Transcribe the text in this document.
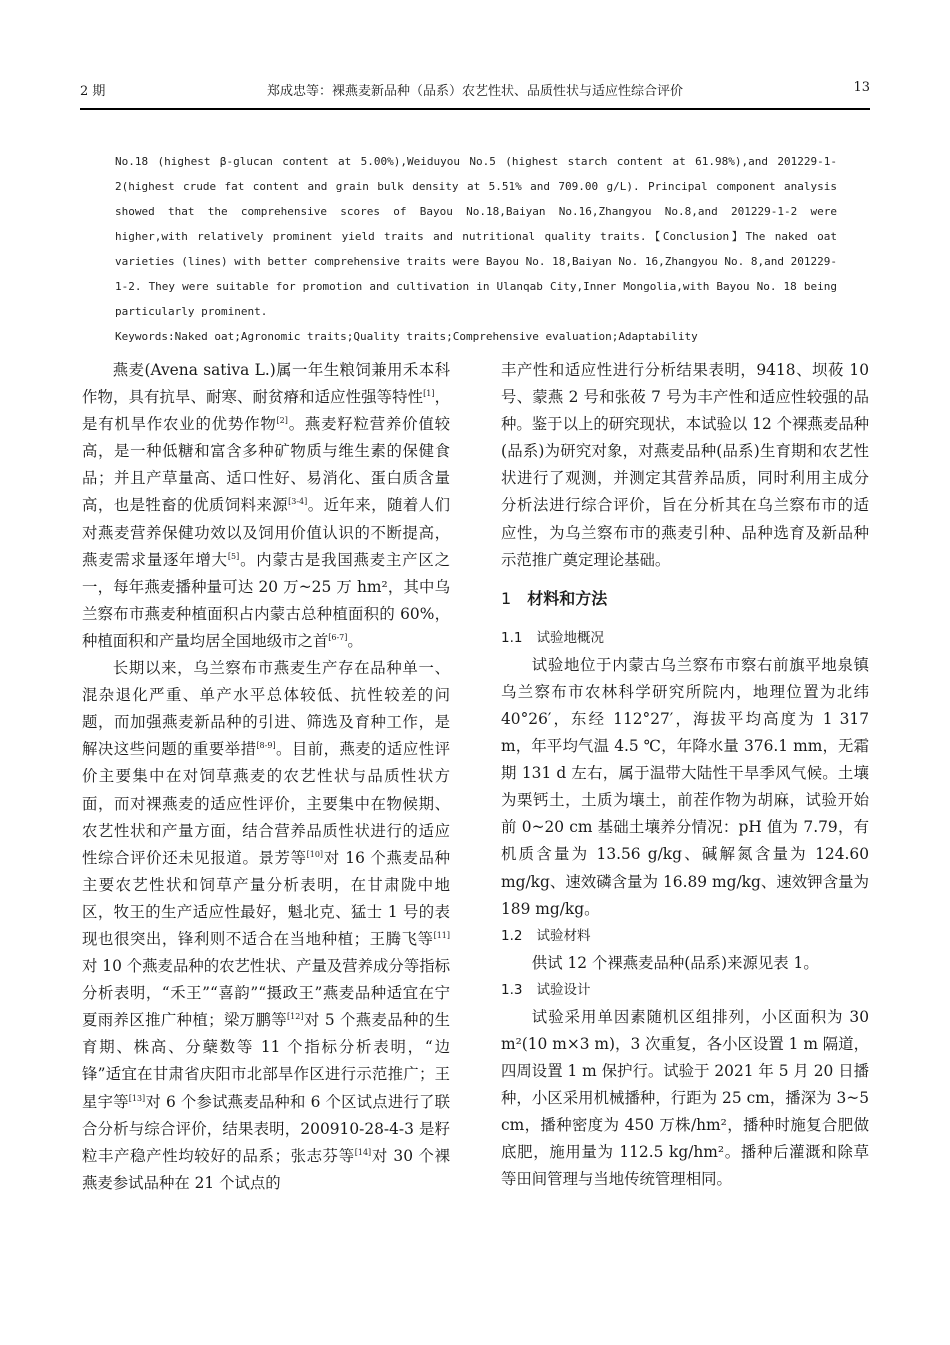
2 期	郑成忠等：裸燕麦新品种（品系）农艺性状、品质性状与适应性综合评价	13

No.18 (highest β-glucan content at 5.00%),Weiduyou No.5 (highest starch content at 61.98%),and 201229-1-2(highest crude fat content and grain bulk density at 5.51% and 709.00 g/L). Principal component analysis showed that the comprehensive scores of Bayou No.18,Baiyan No.16,Zhangyou No.8,and 201229-1-2 were higher,with relatively prominent yield traits and nutritional quality traits.【Conclusion】The naked oat varieties (lines) with better comprehensive traits were Bayou No. 18,Baiyan No. 16,Zhangyou No. 8,and 201229-1-2. They were suitable for promotion and cultivation in Ulanqab City,Inner Mongolia,with Bayou No. 18 being particularly prominent.

Keywords:Naked oat;Agronomic traits;Quality traits;Comprehensive evaluation;Adaptability

燕麦(Avena sativa L.)属一年生粮饲兼用禾本科作物，具有抗旱、耐寒、耐贫瘠和适应性强等特性[1]，是有机旱作农业的优势作物[2]。燕麦籽粒营养价值较高，是一种低糖和富含多种矿物质与维生素的保健食品；并且产草量高、适口性好、易消化、蛋白质含量高，也是牲畜的优质饲料来源[3-4]。近年来，随着人们对燕麦营养保健功效以及饲用价值认识的不断提高，燕麦需求量逐年增大[5]。内蒙古是我国燕麦主产区之一，每年燕麦播种量可达 20 万~25 万 hm²，其中乌兰察布市燕麦种植面积占内蒙古总种植面积的 60%，种植面积和产量均居全国地级市之首[6-7]。

长期以来，乌兰察布市燕麦生产存在品种单一、混杂退化严重、单产水平总体较低、抗性较差的问题，而加强燕麦新品种的引进、筛选及育种工作，是解决这些问题的重要举措[8-9]。目前，燕麦的适应性评价主要集中在对饲草燕麦的农艺性状与品质性状方面，而对裸燕麦的适应性评价，主要集中在物候期、农艺性状和产量方面，结合营养品质性状进行的适应性综合评价还未见报道。景芳等[10]对 16 个燕麦品种主要农艺性状和饲草产量分析表明，在甘肃陇中地区，牧王的生产适应性最好，魁北克、猛士 1 号的表现也很突出，锋利则不适合在当地种植；王腾飞等[11]对 10 个燕麦品种的农艺性状、产量及营养成分等指标分析表明，“禾王”“喜韵”“摄政王”燕麦品种适宜在宁夏雨养区推广种植；梁万鹏等[12]对 5 个燕麦品种的生育期、株高、分蘖数等 11 个指标分析表明，“边锋”适宜在甘肃省庆阳市北部旱作区进行示范推广；王星宇等[13]对 6 个参试燕麦品种和 6 个区试点进行了联合分析与综合评价，结果表明，200910-28-4-3 是籽粒丰产稳产性均较好的品系；张志芬等[14]对 30 个裸燕麦参试品种在 21 个试点的

丰产性和适应性进行分析结果表明，9418、坝莜 10 号、蒙燕 2 号和张莜 7 号为丰产性和适应性较强的品种。鉴于以上的研究现状，本试验以 12 个裸燕麦品种(品系)为研究对象，对燕麦品种(品系)生育期和农艺性状进行了观测，并测定其营养品质，同时利用主成分分析法进行综合评价，旨在分析其在乌兰察布市的适应性，为乌兰察布市的燕麦引种、品种选育及新品种示范推广奠定理论基础。

1 材料和方法
1.1 试验地概况

试验地位于内蒙古乌兰察布市察右前旗平地泉镇乌兰察布市农林科学研究所院内，地理位置为北纬 40°26′，东经 112°27′，海拔平均高度为 1 317 m，年平均气温 4.5 ℃，年降水量 376.1 mm，无霜期 131 d 左右，属于温带大陆性干旱季风气候。土壤为栗钙土，土质为壤土，前茬作物为胡麻，试验开始前 0~20 cm 基础土壤养分情况：pH 值为 7.79，有机质含量为 13.56 g/kg、碱解氮含量为 124.60 mg/kg、速效磷含量为 16.89 mg/kg、速效钾含量为 189 mg/kg。

1.2 试验材料

供试 12 个裸燕麦品种(品系)来源见表 1。

1.3 试验设计

试验采用单因素随机区组排列，小区面积为 30 m²(10 m×3 m)，3 次重复，各小区设置 1 m 隔道，四周设置 1 m 保护行。试验于 2021 年 5 月 20 日播种，小区采用机械播种，行距为 25 cm，播深为 3~5 cm，播种密度为 450 万株/hm²，播种时施复合肥做底肥，施用量为 112.5 kg/hm²。播种后灌溉和除草等田间管理与当地传统管理相同。
